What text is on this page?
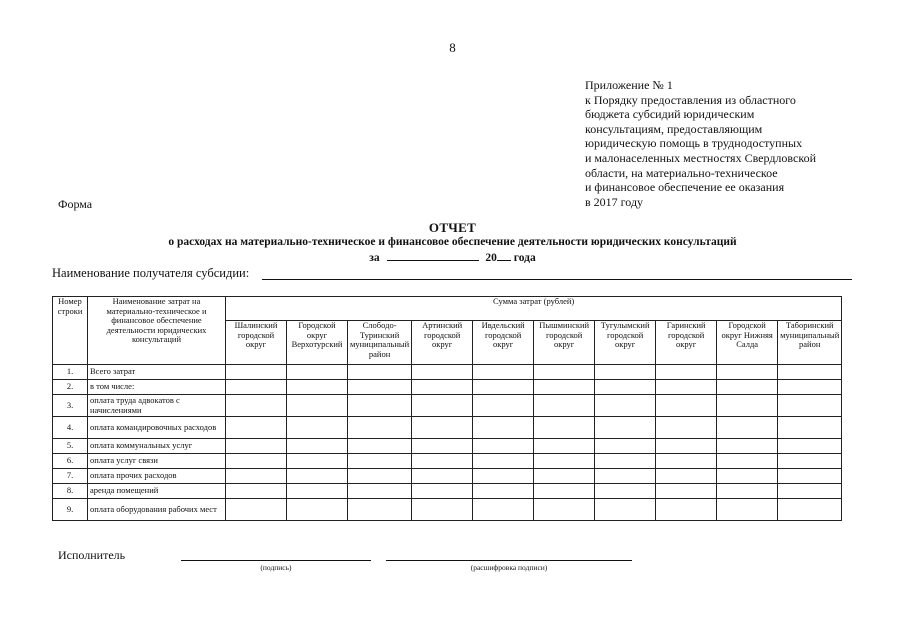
8
Приложение № 1
к Порядку предоставления из областного
бюджета субсидий юридическим
консультациям, предоставляющим
юридическую помощь в труднодоступных
и малонаселенных местностях Свердловской
области, на материально-техническое
и финансовое обеспечение ее оказания
в 2017 году
Форма
ОТЧЕТ
о расходах на материально-техническое и финансовое обеспечение деятельности юридических консультаций
за	20 года
Наименование получателя субсидии:
Номер строки	Наименование затрат на материально-техническое и финансовое обеспечение деятельности юридических консультаций	Сумма затрат (рублей)									
		Шалинский городской округ	Городской округ Верхотурский	Слободо-Туринский муниципальный район	Артинский городской округ	Ивдельский городской округ	Пышминский городской округ	Тугулымский городской округ	Гаринский городской округ	Городской округ Нижняя Салда	Таборинский муниципальный район
1.	Всего затрат										
2.	в том числе:										
3.	оплата труда адвокатов с начислениями										
4.	оплата командировочных расходов										
5.	оплата коммунальных услуг										
6.	оплата услуг связи										
7.	оплата прочих расходов										
8.	аренда помещений										
9.	оплата оборудования рабочих мест										
Исполнитель
(подпись)	(расшифровка подписи)
